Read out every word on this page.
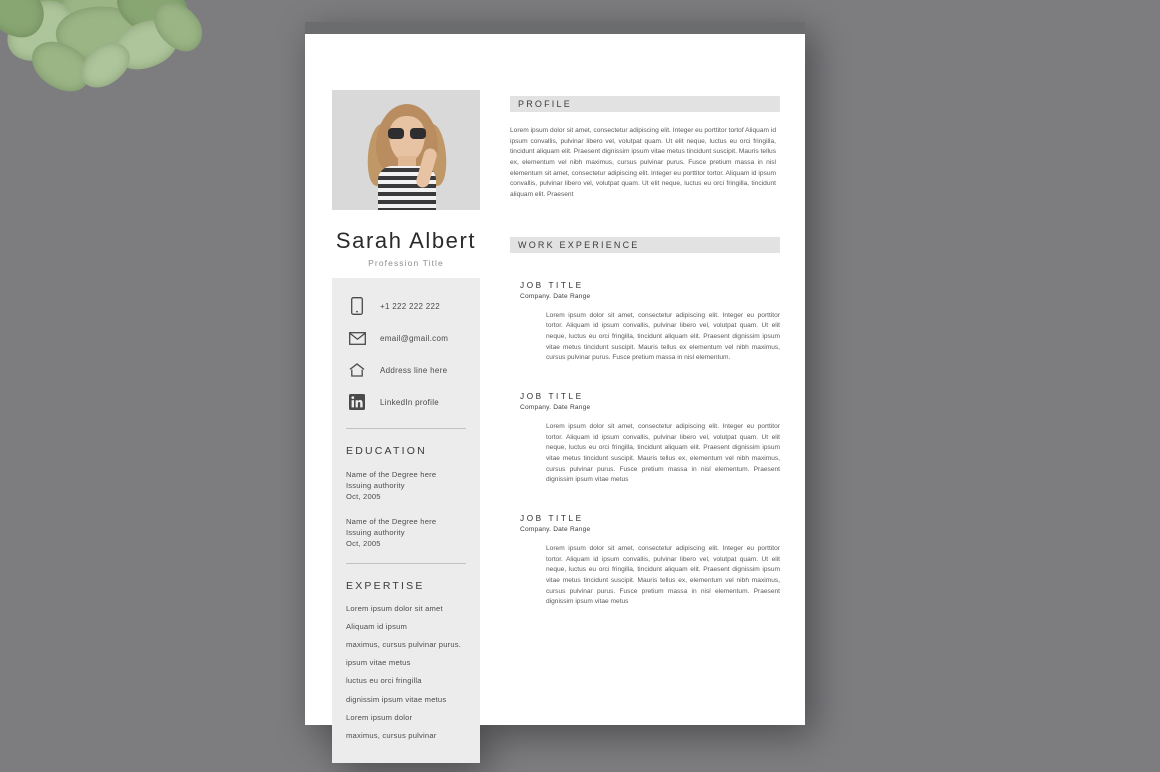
Sarah Albert
Profession Title
+1 222 222 222
email@gmail.com
Address line here
LinkedIn profile
EDUCATION
Name of the Degree here
Issuing authority
Oct, 2005
Name of the Degree here
Issuing authority
Oct, 2005
EXPERTISE
Lorem ipsum dolor sit amet
Aliquam id ipsum
maximus, cursus pulvinar purus.
ipsum vitae metus
luctus eu orci fringilla
dignissim ipsum vitae metus
Lorem ipsum dolor
maximus, cursus pulvinar
PROFILE
Lorem ipsum dolor sit amet, consectetur adipiscing elit. Integer eu porttitor tortof Aliquam id ipsum convallis, pulvinar libero vel, volutpat quam. Ut elit neque, luctus eu orci fringilla, tincidunt aliquam elit. Praesent dignissim ipsum vitae metus tincidunt suscipit. Mauris tellus ex, elementum vel nibh maximus, cursus pulvinar purus. Fusce pretium massa in nisl elementum sit amet, consectetur adipiscing elit. Integer eu porttitor tortor. Aliquam id ipsum convallis, pulvinar libero vel, volutpat quam. Ut elit neque, luctus eu orci fringilla, tincidunt aliquam elit. Praesent
WORK EXPERIENCE
JOB TITLE
Company. Date Range
Lorem ipsum dolor sit amet, consectetur adipiscing elit. Integer eu porttitor tortor. Aliquam id ipsum convallis, pulvinar libero vel, volutpat quam. Ut elit neque, luctus eu orci fringilla, tincidunt aliquam elit. Praesent dignissim ipsum vitae metus tincidunt suscipit. Mauris tellus ex elementum vel nibh maximus, cursus pulvinar purus. Fusce pretium massa in nisl elementum.
JOB TITLE
Company. Date Range
Lorem ipsum dolor sit amet, consectetur adipiscing elit. Integer eu porttitor tortor. Aliquam id ipsum convallis, pulvinar libero vel, volutpat quam. Ut elit neque, luctus eu orci fringilla, tincidunt aliquam elit. Praesent dignissim ipsum vitae metus tincidunt suscipit. Mauris tellus ex, elementum vel nibh maximus, cursus pulvinar purus. Fusce pretium massa in nisl elementum. Praesent dignissim ipsum vitae metus
JOB TITLE
Company. Date Range
Lorem ipsum dolor sit amet, consectetur adipiscing elit. Integer eu porttitor tortor. Aliquam id ipsum convallis, pulvinar libero vel, volutpat quam. Ut elit neque, luctus eu orci fringilla, tincidunt aliquam elit. Praesent dignissim ipsum vitae metus tincidunt suscipit. Mauris tellus ex, elementum vel nibh maximus, cursus pulvinar purus. Fusce pretium massa in nisl elementum. Praesent dignissim ipsum vitae metus
